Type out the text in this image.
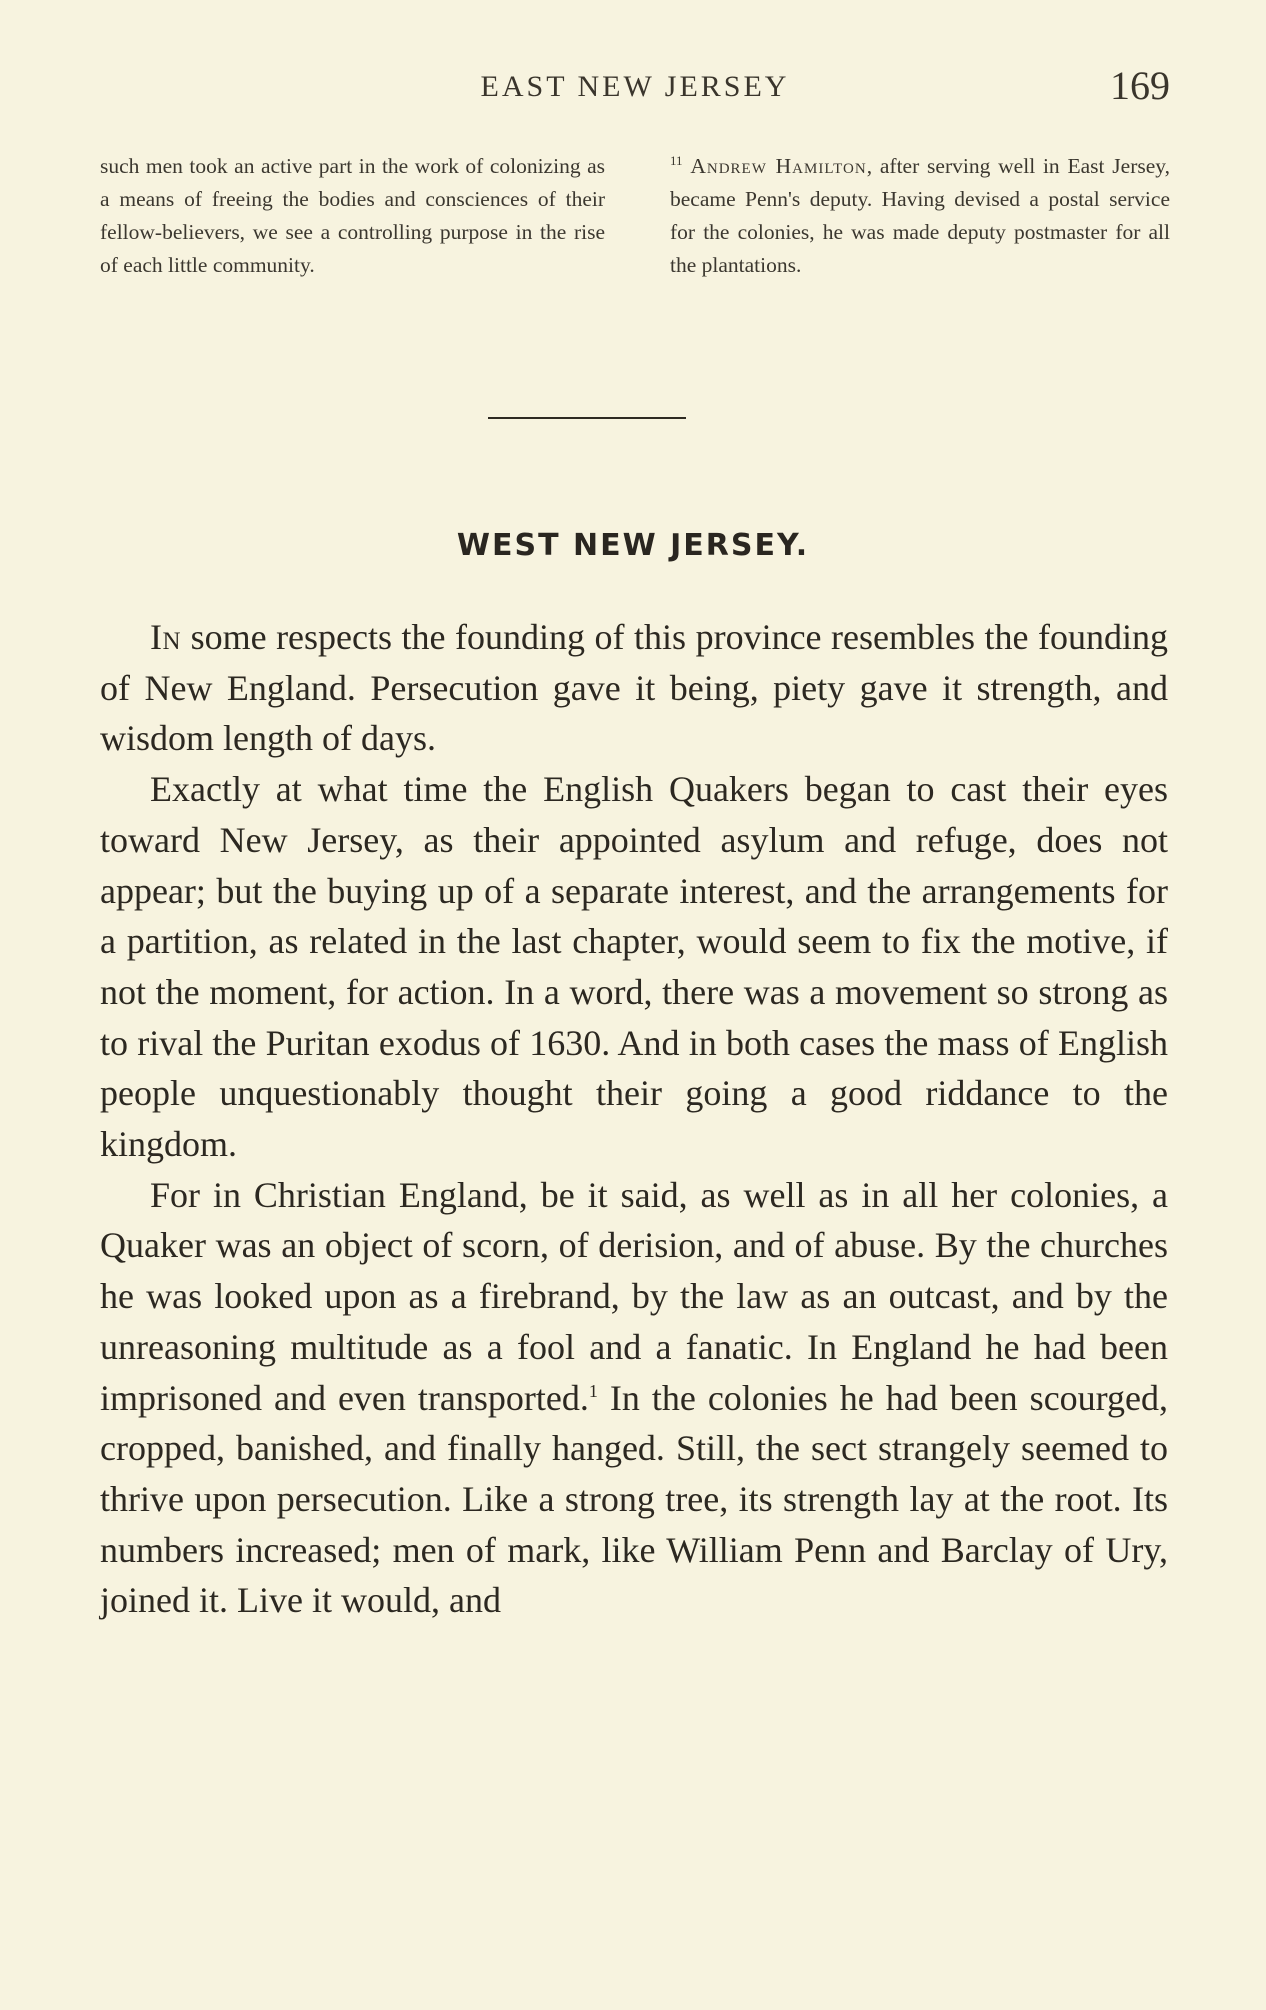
EAST NEW JERSEY	169
such men took an active part in the work of colonizing as a means of freeing the bodies and consciences of their fellow-believers, we see a controlling purpose in the rise of each little community.
$^{11}$ Andrew Hamilton, after serving well in East Jersey, became Penn's deputy. Having devised a postal service for the colonies, he was made deputy postmaster for all the plantations.
WEST NEW JERSEY.

In some respects the founding of this province resembles the founding of New England. Persecution gave it being, piety gave it strength, and wisdom length of days.

Exactly at what time the English Quakers began to cast their eyes toward New Jersey, as their appointed asylum and refuge, does not appear; but the buying up of a separate interest, and the arrangements for a partition, as related in the last chapter, would seem to fix the motive, if not the moment, for action. In a word, there was a movement so strong as to rival the Puritan exodus of 1630. And in both cases the mass of English people unquestionably thought their going a good riddance to the kingdom.

For in Christian England, be it said, as well as in all her colonies, a Quaker was an object of scorn, of derision, and of abuse. By the churches he was looked upon as a firebrand, by the law as an outcast, and by the unreasoning multitude as a fool and a fanatic. In England he had been imprisoned and even transported.$^1$ In the colonies he had been scourged, cropped, banished, and finally hanged. Still, the sect strangely seemed to thrive upon persecution. Like a strong tree, its strength lay at the root. Its numbers increased; men of mark, like William Penn and Barclay of Ury, joined it. Live it would, and
